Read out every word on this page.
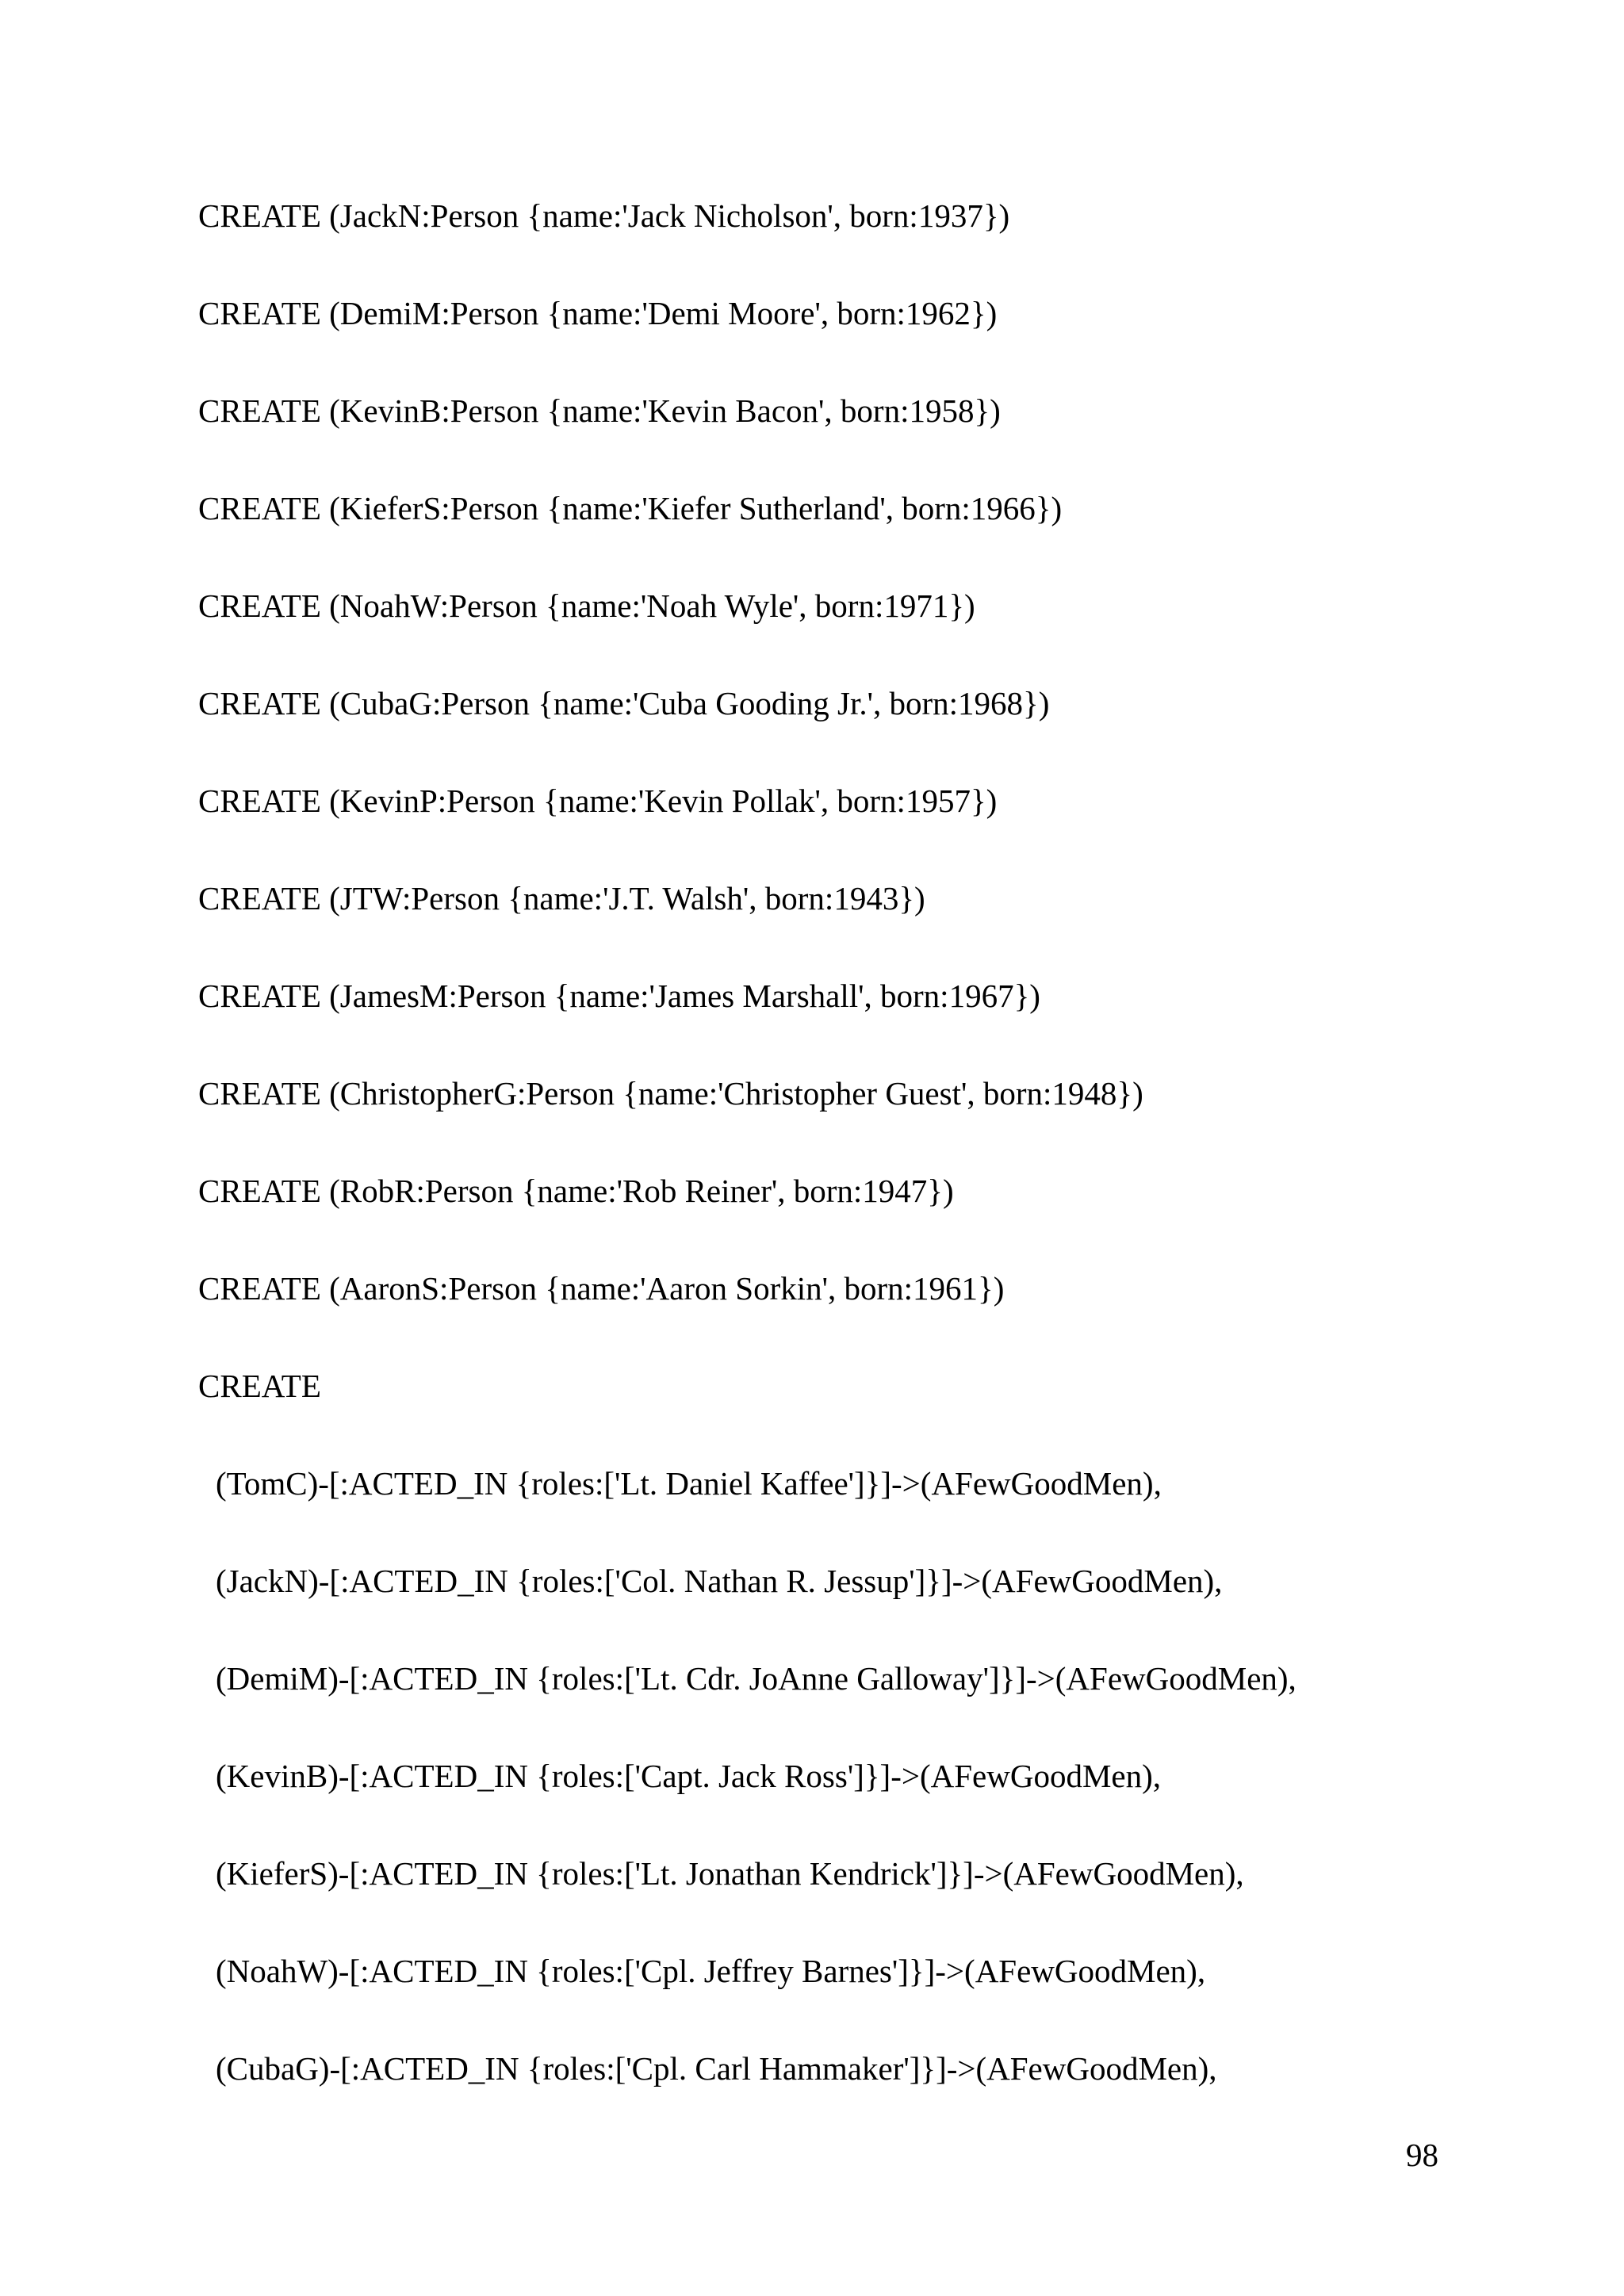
CREATE (JackN:Person {name:'Jack Nicholson', born:1937})
CREATE (DemiM:Person {name:'Demi Moore', born:1962})
CREATE (KevinB:Person {name:'Kevin Bacon', born:1958})
CREATE (KieferS:Person {name:'Kiefer Sutherland', born:1966})
CREATE (NoahW:Person {name:'Noah Wyle', born:1971})
CREATE (CubaG:Person {name:'Cuba Gooding Jr.', born:1968})
CREATE (KevinP:Person {name:'Kevin Pollak', born:1957})
CREATE (JTW:Person {name:'J.T. Walsh', born:1943})
CREATE (JamesM:Person {name:'James Marshall', born:1967})
CREATE (ChristopherG:Person {name:'Christopher Guest', born:1948})
CREATE (RobR:Person {name:'Rob Reiner', born:1947})
CREATE (AaronS:Person {name:'Aaron Sorkin', born:1961})
CREATE
(TomC)-[:ACTED_IN {roles:['Lt. Daniel Kaffee']}]->(AFewGoodMen),
(JackN)-[:ACTED_IN {roles:['Col. Nathan R. Jessup']}]->(AFewGoodMen),
(DemiM)-[:ACTED_IN {roles:['Lt. Cdr. JoAnne Galloway']}]->(AFewGoodMen),
(KevinB)-[:ACTED_IN {roles:['Capt. Jack Ross']}]->(AFewGoodMen),
(KieferS)-[:ACTED_IN {roles:['Lt. Jonathan Kendrick']}]->(AFewGoodMen),
(NoahW)-[:ACTED_IN {roles:['Cpl. Jeffrey Barnes']}]->(AFewGoodMen),
(CubaG)-[:ACTED_IN {roles:['Cpl. Carl Hammaker']}]->(AFewGoodMen),
98
